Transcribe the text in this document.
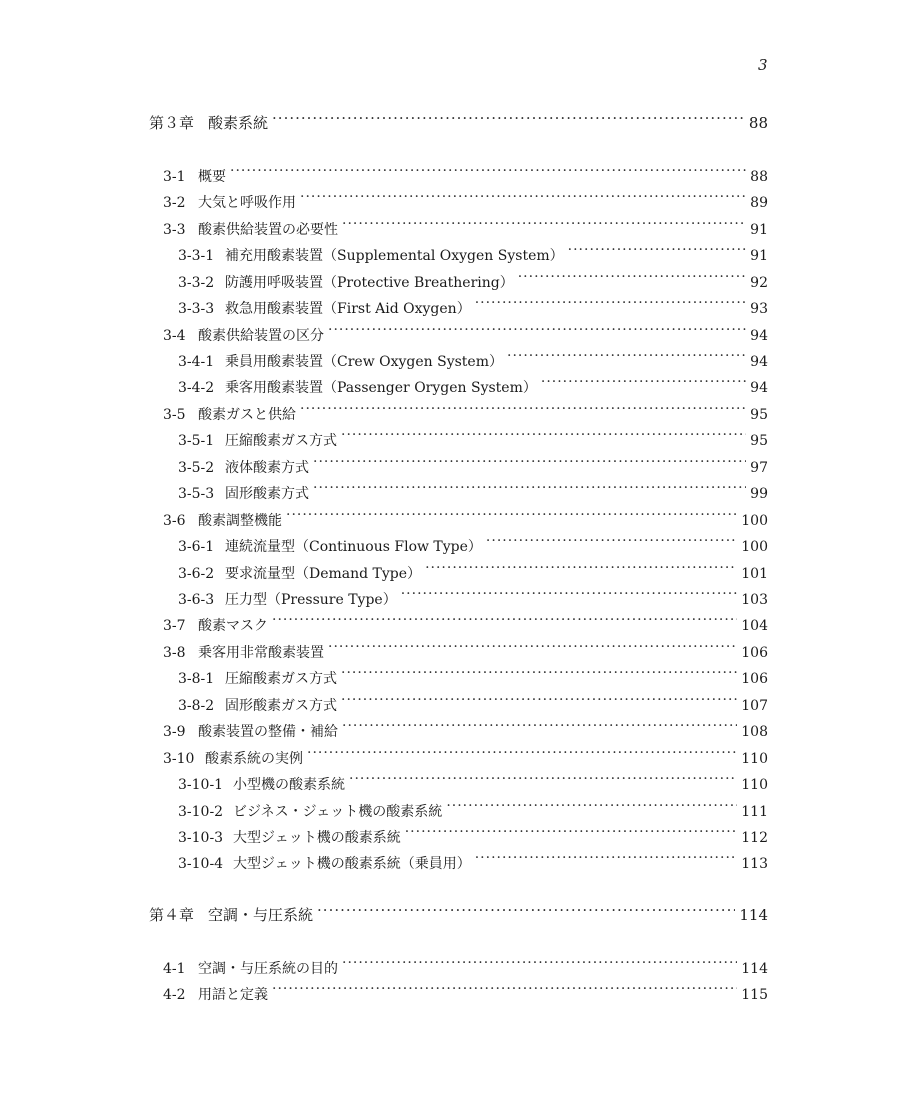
3
第３章 酸素系統 ·····	88
3-1 概要 ·····	88
3-2 大気と呼吸作用 ·····	89
3-3 酸素供給装置の必要性 ·····	91
3-3-1 補充用酸素装置（Supplemental Oxygen System） ·····	91
3-3-2 防護用呼吸装置（Protective Breathering） ·····	92
3-3-3 救急用酸素装置（First Aid Oxygen） ·····	93
3-4 酸素供給装置の区分 ·····	94
3-4-1 乗員用酸素装置（Crew Oxygen System） ·····	94
3-4-2 乗客用酸素装置（Passenger Orygen System） ·····	94
3-5 酸素ガスと供給 ·····	95
3-5-1 圧縮酸素ガス方式 ·····	95
3-5-2 液体酸素方式 ·····	97
3-5-3 固形酸素方式 ·····	99
3-6 酸素調整機能 ·····	100
3-6-1 連続流量型（Continuous Flow Type） ·····	100
3-6-2 要求流量型（Demand Type） ·····	101
3-6-3 圧力型（Pressure Type） ·····	103
3-7 酸素マスク ·····	104
3-8 乗客用非常酸素装置 ·····	106
3-8-1 圧縮酸素ガス方式 ·····	106
3-8-2 固形酸素ガス方式 ·····	107
3-9 酸素装置の整備・補給 ·····	108
3-10 酸素系統の実例 ·····	110
3-10-1 小型機の酸素系統 ·····	110
3-10-2 ビジネス・ジェット機の酸素系統 ·····	111
3-10-3 大型ジェット機の酸素系統 ·····	112
3-10-4 大型ジェット機の酸素系統（乗員用） ·····	113
第４章 空調・与圧系統 ·····	114
4-1 空調・与圧系統の目的 ·····	114
4-2 用語と定義 ·····	115
